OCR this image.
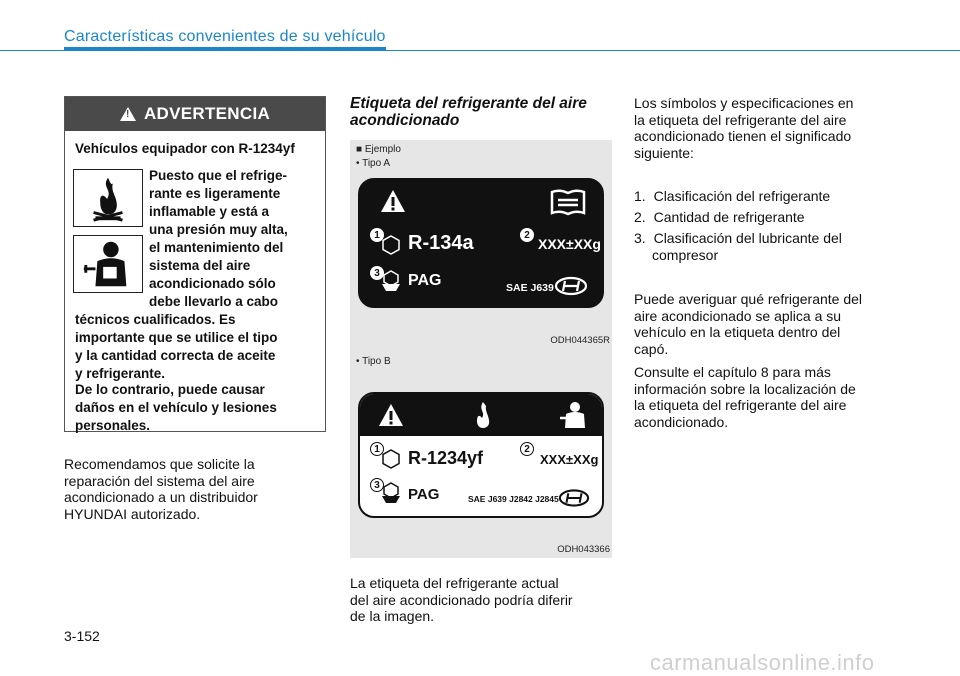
Características convenientes de su vehículo
!
ADVERTENCIA
Vehículos equipador con R-1234yf
Puesto que el refrige-
rante es ligeramente
inflamable y está a
una presión muy alta,
el mantenimiento del
sistema del aire
acondicionado sólo
debe llevarlo a cabo
técnicos cualificados. Es
importante que se utilice el tipo
y la cantidad correcta de aceite
y refrigerante.
De lo contrario, puede causar
daños en el vehículo y lesiones
personales.
Recomendamos que solicite la
reparación del sistema del aire
acondicionado a un distribuidor
HYUNDAI autorizado.
Etiqueta del refrigerante del aire
acondicionado
■ Ejemplo
• Tipo A
1 R-134a	2
XXX±XXg
3 PAG	SAE J639
ODH044365R
• Tipo B
1 R-1234yf	2
XXX±XXg
3
PAG	SAE J639 J2842 J2845
ODH043366
La etiqueta del refrigerante actual
del aire acondicionado podría diferir
de la imagen.
Los símbolos y especificaciones en
la etiqueta del refrigerante del aire
acondicionado tienen el significado
siguiente:
1. Clasificación del refrigerante
2. Cantidad de refrigerante
3. Clasificación del lubricante del
compresor
Puede averiguar qué refrigerante del
aire acondicionado se aplica a su
vehículo en la etiqueta dentro del
capó.
Consulte el capítulo 8 para más
información sobre la localización de
la etiqueta del refrigerante del aire
acondicionado.
3-152
carmanualsonline.info
